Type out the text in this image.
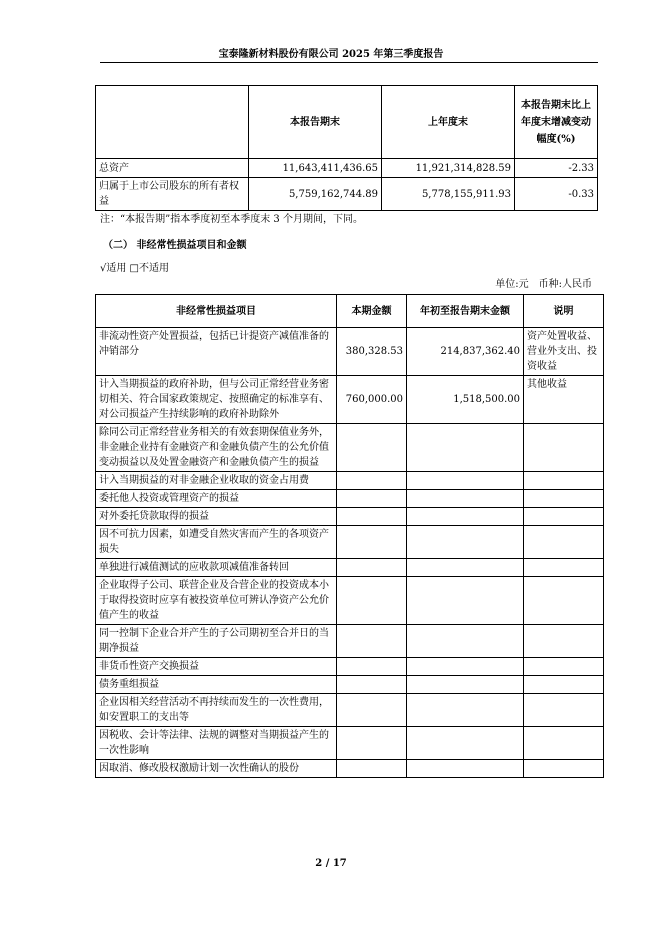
宝泰隆新材料股份有限公司 2025 年第三季度报告
	本报告期末	上年度末	本报告期末比上年度末增减变动幅度(%)
总资产	11,643,411,436.65	11,921,314,828.59	-2.33
归属于上市公司股东的所有者权益	5,759,162,744.89	5,778,155,911.93	-0.33
注：“本报告期”指本季度初至本季度末 3 个月期间，下同。
（二） 非经常性损益项目和金额
√适用 □不适用
单位:元　币种:人民币
非经常性损益项目	本期金额	年初至报告期末金额	说明
非流动性资产处置损益，包括已计提资产减值准备的冲销部分	380,328.53	214,837,362.40	资产处置收益、营业外支出、投资收益
计入当期损益的政府补助，但与公司正常经营业务密切相关、符合国家政策规定、按照确定的标准享有、对公司损益产生持续影响的政府补助除外	760,000.00	1,518,500.00	其他收益
除同公司正常经营业务相关的有效套期保值业务外，非金融企业持有金融资产和金融负债产生的公允价值变动损益以及处置金融资产和金融负债产生的损益			
计入当期损益的对非金融企业收取的资金占用费			
委托他人投资或管理资产的损益			
对外委托贷款取得的损益			
因不可抗力因素，如遭受自然灾害而产生的各项资产损失			
单独进行减值测试的应收款项减值准备转回			
企业取得子公司、联营企业及合营企业的投资成本小于取得投资时应享有被投资单位可辨认净资产公允价值产生的收益			
同一控制下企业合并产生的子公司期初至合并日的当期净损益			
非货币性资产交换损益			
债务重组损益			
企业因相关经营活动不再持续而发生的一次性费用，如安置职工的支出等			
因税收、会计等法律、法规的调整对当期损益产生的一次性影响			
因取消、修改股权激励计划一次性确认的股份			
2 / 17
